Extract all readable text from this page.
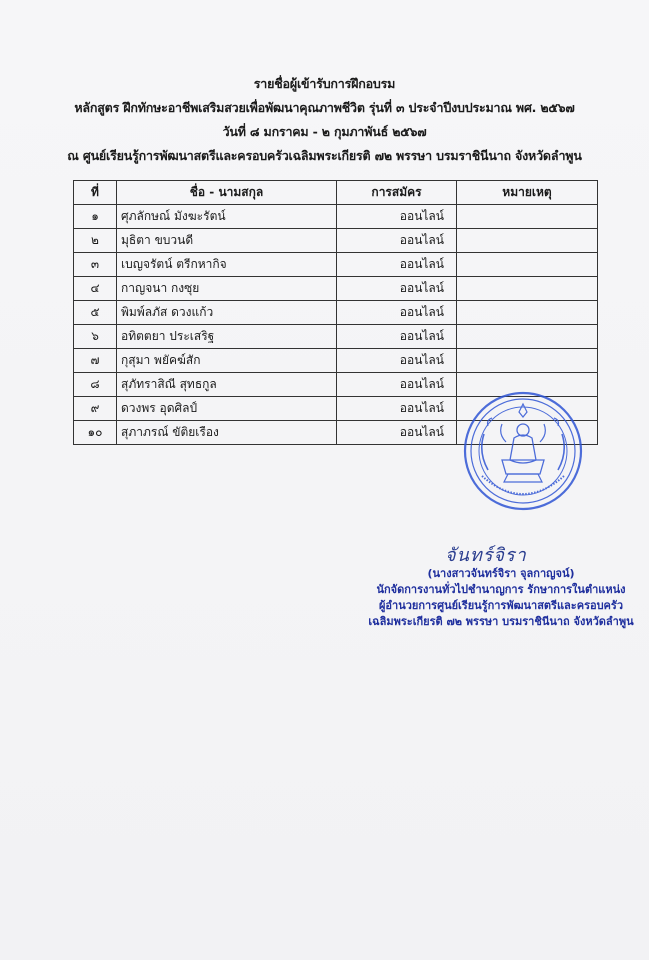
รายชื่อผู้เข้ารับการฝึกอบรม
หลักสูตร ฝึกทักษะอาชีพเสริมสวยเพื่อพัฒนาคุณภาพชีวิต รุ่นที่ ๓ ประจำปีงบประมาณ พศ. ๒๕๖๗
วันที่ ๘ มกราคม - ๒ กุมภาพันธ์ ๒๕๖๗
ณ ศูนย์เรียนรู้การพัฒนาสตรีและครอบครัวเฉลิมพระเกียรติ ๗๒ พรรษา บรมราชินีนาถ จังหวัดลำพูน
ที่	ชื่อ - นามสกุล	การสมัคร	หมายเหตุ
๑	ศุภลักษณ์ มังฆะรัตน์	ออนไลน์	
๒	มุธิตา ขบวนดี	ออนไลน์	
๓	เบญจรัตน์ ตรีกหากิจ	ออนไลน์	
๔	กาญจนา กงซุย	ออนไลน์	
๕	พิมพ์ลภัส ดวงแก้ว	ออนไลน์	
๖	อทิตตยา ประเสริฐ	ออนไลน์	
๗	กุสุมา พยัคฆ์สัก	ออนไลน์	
๘	สุภัทราสิณี สุทธกูล	ออนไลน์	
๙	ดวงพร อุดศิลป์	ออนไลน์	
๑๐	สุภาภรณ์ ขัติยเรือง	ออนไลน์	
จันทร์จิรา
(นางสาวจันทร์จิรา จุลกาญจน์)
นักจัดการงานทั่วไปชำนาญการ รักษาการในตำแหน่ง
ผู้อำนวยการศูนย์เรียนรู้การพัฒนาสตรีและครอบครัว
เฉลิมพระเกียรติ ๗๒ พรรษา บรมราชินีนาถ จังหวัดลำพูน
